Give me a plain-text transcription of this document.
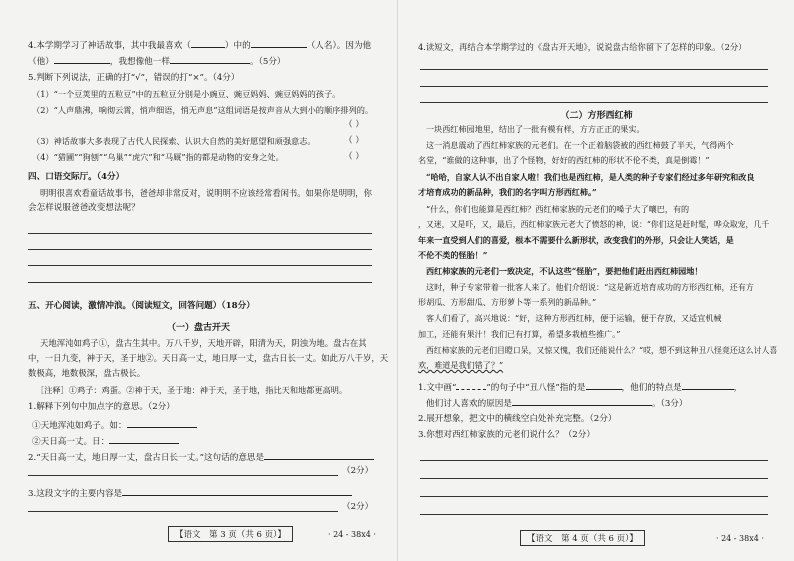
4.本学期学习了神话故事，其中我最喜欢（	）中的	（人名）。因为他
（他）	，我想像他一样	。（5分）
5.判断下列说法，正确的打“√”，错误的打“×”。（4分）
（1）“一个豆荚里的五粒豆”中的五粒豆分别是小豌豆、豌豆妈妈、豌豆妈妈的孩子。
（2）“人声鼎沸，响彻云霄，悄声细语，悄无声息”这组词语是按声音从大到小的顺序排列的。
（ ）
（3）神话故事大多表现了古代人民探索、认识大自然的美好愿望和顽强意志。	（ ）
（4）“猎圃”“狗刨”“乌巢”“虎穴”和“马厩”指的都是动物的安身之处。	（ ）
四、口语交际厅。（4分）
明明很喜欢看童话故事书，爸爸却非常反对，说明明不应该经常看闲书。如果你是明明，你
会怎样说服爸爸改变想法呢？
五、开心阅读，激情冲浪。（阅读短文，回答问题）（18分）
（一）盘古开天
天地浑沌如鸡子①，盘古生其中。万八千岁，天地开辟，阳清为天，阴浊为地。盘古在其
中，一日九变，神于天，圣于地②。天日高一丈，地日厚一丈，盘古日长一丈。如此万八千岁，天
数极高，地数极深，盘古极长。
［注释］①鸡子：鸡蛋。②神于天，圣于地：神于天，圣于地，指比天和地都更高明。
1.解释下列句中加点字的意思。（2分）
①天地浑沌如鸡子。如：
②天日高一丈。日：
2.“天日高一丈，地日厚一丈，盘古日长一丈。”这句话的意思是
（2分）
3.这段文字的主要内容是
（2分）
【语文　第 3 页（共 6 页）】	· 24 - 38x4 ·
4.读短文，再结合本学期学过的《盘古开天地》，说说盘古给你留下了怎样的印象。（2分）
（二）方形西红柿
一块西红柿园地里，结出了一批有模有样，方方正正的果实。
这一消息震动了西红柿家族的元老们。在一个正着脑袋被的西红柿鼓了半天，气得两个
名堂，“谁做的这种事，出了个怪物，好好的西红柿的形状不伦不类，真是倒霉！”
“哈哈，自家人认不出自家人啦！我们也是西红柿，是人类的种子专家们经过多年研究和改良
才培育成功的新品种，我们的名字叫方形西红柿。”
“什么，你们也能算是西红柿？西红柿家族的元老们的嗓子大了嚷巴，有的
，又迷，又是吓，又，最后，西红柿家族元老大了愤怒的神，说：“你们这是赶时髦，哗众取宠，几千
年来一直受到人们的喜爱，根本不需要什么新形状，改变我们的外形，只会让人笑话，是
不伦不类的怪胎！”
西红柿家族的元老们一致决定，不认这些“怪胎”，要把他们赶出西红柿园地！
这时，种子专家带着一批客人来了。他们介绍说：“这是新近培育成功的方形西红柿，还有方
形胡瓜、方形甜瓜、方形萝卜等一系列的新品种。”
客人们看了，高兴地说：“好，这种方形西红柿，便于运输，便于存放，又适宜机械
加工，还能有果汁！我们已有打算，希望多栽植些推广。”
西红柿家族的元老们目瞪口呆，又惊又愧，我们还能说什么？“哎，想不到这种丑八怪竟还这么讨人喜
欢，难道是我们错了？”
1.文中画“	”的句子中“丑八怪”指的是	，他们的特点是	，
他们讨人喜欢的原因是	。（3分）
2.展开想象，把文中的横线空白处补充完整。（2分）
3.你想对西红柿家族的元老们说什么？（2分）
【语文　第 4 页（共 6 页）】	· 24 - 38x4 ·
